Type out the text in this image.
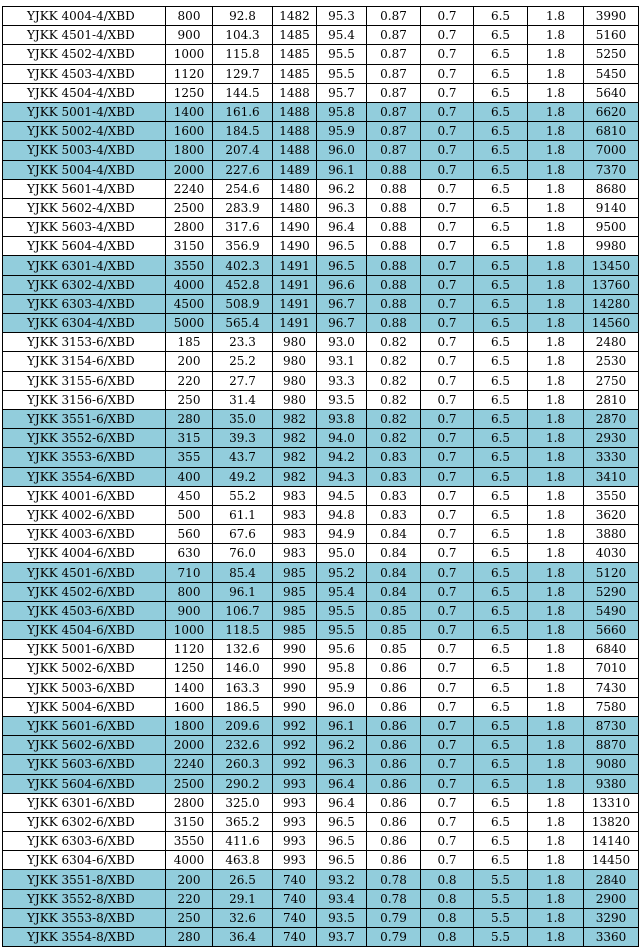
YJKK 4004-4/XBD	800	92.8	1482	95.3	0.87	0.7	6.5	1.8	3990
YJKK 4501-4/XBD	900	104.3	1485	95.4	0.87	0.7	6.5	1.8	5160
YJKK 4502-4/XBD	1000	115.8	1485	95.5	0.87	0.7	6.5	1.8	5250
YJKK 4503-4/XBD	1120	129.7	1485	95.5	0.87	0.7	6.5	1.8	5450
YJKK 4504-4/XBD	1250	144.5	1488	95.7	0.87	0.7	6.5	1.8	5640
YJKK 5001-4/XBD	1400	161.6	1488	95.8	0.87	0.7	6.5	1.8	6620
YJKK 5002-4/XBD	1600	184.5	1488	95.9	0.87	0.7	6.5	1.8	6810
YJKK 5003-4/XBD	1800	207.4	1488	96.0	0.87	0.7	6.5	1.8	7000
YJKK 5004-4/XBD	2000	227.6	1489	96.1	0.88	0.7	6.5	1.8	7370
YJKK 5601-4/XBD	2240	254.6	1480	96.2	0.88	0.7	6.5	1.8	8680
YJKK 5602-4/XBD	2500	283.9	1480	96.3	0.88	0.7	6.5	1.8	9140
YJKK 5603-4/XBD	2800	317.6	1490	96.4	0.88	0.7	6.5	1.8	9500
YJKK 5604-4/XBD	3150	356.9	1490	96.5	0.88	0.7	6.5	1.8	9980
YJKK 6301-4/XBD	3550	402.3	1491	96.5	0.88	0.7	6.5	1.8	13450
YJKK 6302-4/XBD	4000	452.8	1491	96.6	0.88	0.7	6.5	1.8	13760
YJKK 6303-4/XBD	4500	508.9	1491	96.7	0.88	0.7	6.5	1.8	14280
YJKK 6304-4/XBD	5000	565.4	1491	96.7	0.88	0.7	6.5	1.8	14560
YJKK 3153-6/XBD	185	23.3	980	93.0	0.82	0.7	6.5	1.8	2480
YJKK 3154-6/XBD	200	25.2	980	93.1	0.82	0.7	6.5	1.8	2530
YJKK 3155-6/XBD	220	27.7	980	93.3	0.82	0.7	6.5	1.8	2750
YJKK 3156-6/XBD	250	31.4	980	93.5	0.82	0.7	6.5	1.8	2810
YJKK 3551-6/XBD	280	35.0	982	93.8	0.82	0.7	6.5	1.8	2870
YJKK 3552-6/XBD	315	39.3	982	94.0	0.82	0.7	6.5	1.8	2930
YJKK 3553-6/XBD	355	43.7	982	94.2	0.83	0.7	6.5	1.8	3330
YJKK 3554-6/XBD	400	49.2	982	94.3	0.83	0.7	6.5	1.8	3410
YJKK 4001-6/XBD	450	55.2	983	94.5	0.83	0.7	6.5	1.8	3550
YJKK 4002-6/XBD	500	61.1	983	94.8	0.83	0.7	6.5	1.8	3620
YJKK 4003-6/XBD	560	67.6	983	94.9	0.84	0.7	6.5	1.8	3880
YJKK 4004-6/XBD	630	76.0	983	95.0	0.84	0.7	6.5	1.8	4030
YJKK 4501-6/XBD	710	85.4	985	95.2	0.84	0.7	6.5	1.8	5120
YJKK 4502-6/XBD	800	96.1	985	95.4	0.84	0.7	6.5	1.8	5290
YJKK 4503-6/XBD	900	106.7	985	95.5	0.85	0.7	6.5	1.8	5490
YJKK 4504-6/XBD	1000	118.5	985	95.5	0.85	0.7	6.5	1.8	5660
YJKK 5001-6/XBD	1120	132.6	990	95.6	0.85	0.7	6.5	1.8	6840
YJKK 5002-6/XBD	1250	146.0	990	95.8	0.86	0.7	6.5	1.8	7010
YJKK 5003-6/XBD	1400	163.3	990	95.9	0.86	0.7	6.5	1.8	7430
YJKK 5004-6/XBD	1600	186.5	990	96.0	0.86	0.7	6.5	1.8	7580
YJKK 5601-6/XBD	1800	209.6	992	96.1	0.86	0.7	6.5	1.8	8730
YJKK 5602-6/XBD	2000	232.6	992	96.2	0.86	0.7	6.5	1.8	8870
YJKK 5603-6/XBD	2240	260.3	992	96.3	0.86	0.7	6.5	1.8	9080
YJKK 5604-6/XBD	2500	290.2	993	96.4	0.86	0.7	6.5	1.8	9380
YJKK 6301-6/XBD	2800	325.0	993	96.4	0.86	0.7	6.5	1.8	13310
YJKK 6302-6/XBD	3150	365.2	993	96.5	0.86	0.7	6.5	1.8	13820
YJKK 6303-6/XBD	3550	411.6	993	96.5	0.86	0.7	6.5	1.8	14140
YJKK 6304-6/XBD	4000	463.8	993	96.5	0.86	0.7	6.5	1.8	14450
YJKK 3551-8/XBD	200	26.5	740	93.2	0.78	0.8	5.5	1.8	2840
YJKK 3552-8/XBD	220	29.1	740	93.4	0.78	0.8	5.5	1.8	2900
YJKK 3553-8/XBD	250	32.6	740	93.5	0.79	0.8	5.5	1.8	3290
YJKK 3554-8/XBD	280	36.4	740	93.7	0.79	0.8	5.5	1.8	3360
